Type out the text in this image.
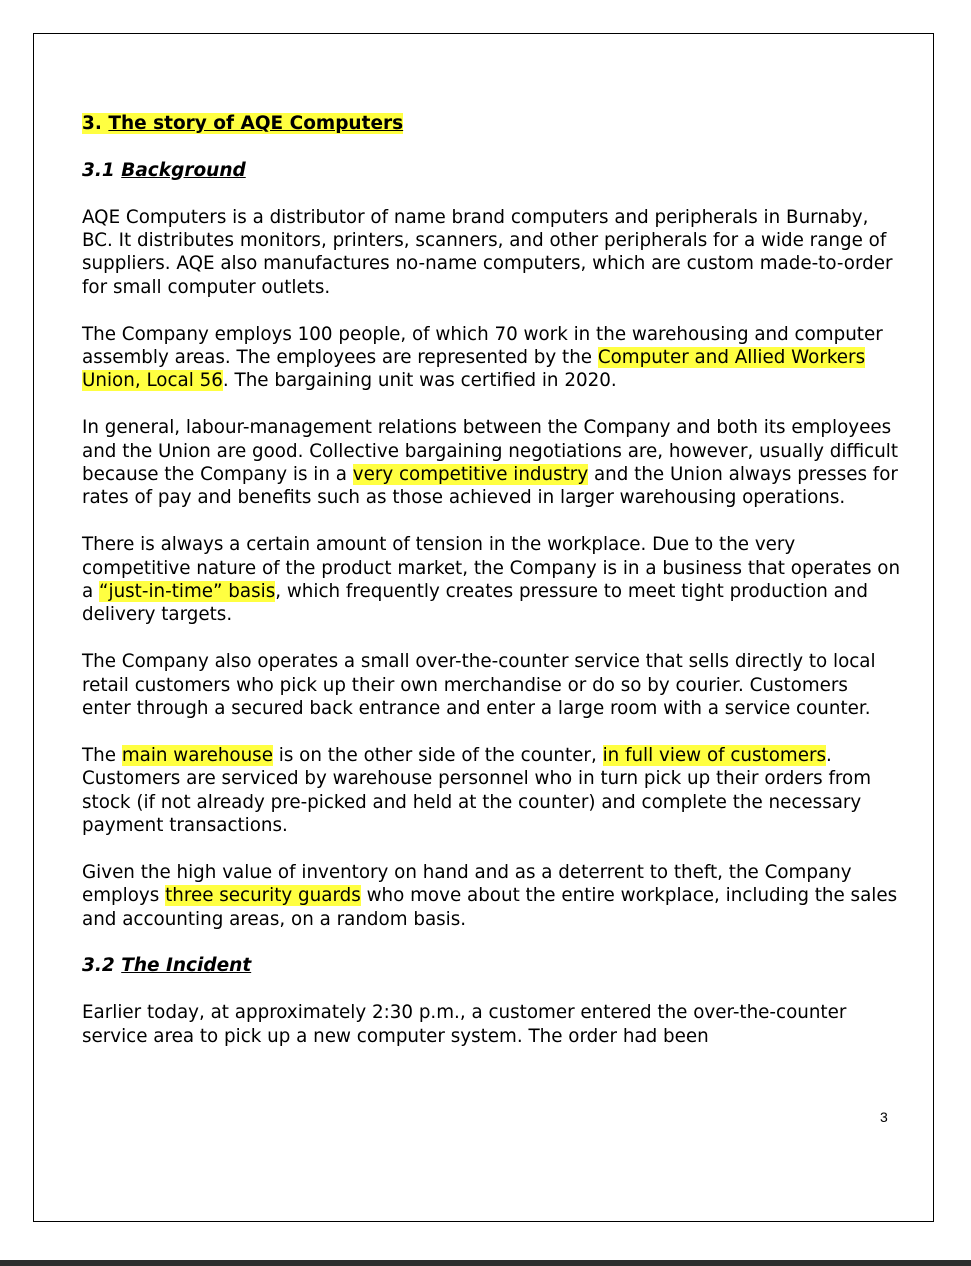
3. The story of AQE Computers
3.1 Background

AQE Computers is a distributor of name brand computers and peripherals in Burnaby, BC. It distributes monitors, printers, scanners, and other peripherals for a wide range of suppliers. AQE also manufactures no-name computers, which are custom made-to-order for small computer outlets.

The Company employs 100 people, of which 70 work in the warehousing and computer assembly areas. The employees are represented by the Computer and Allied Workers Union, Local 56. The bargaining unit was certified in 2020.

In general, labour-management relations between the Company and both its employees and the Union are good. Collective bargaining negotiations are, however, usually difficult because the Company is in a very competitive industry and the Union always presses for rates of pay and benefits such as those achieved in larger warehousing operations.

There is always a certain amount of tension in the workplace. Due to the very competitive nature of the product market, the Company is in a business that operates on a “just-in-time” basis, which frequently creates pressure to meet tight production and delivery targets.

The Company also operates a small over-the-counter service that sells directly to local retail customers who pick up their own merchandise or do so by courier. Customers enter through a secured back entrance and enter a large room with a service counter.

The main warehouse is on the other side of the counter, in full view of customers. Customers are serviced by warehouse personnel who in turn pick up their orders from stock (if not already pre-picked and held at the counter) and complete the necessary payment transactions.

Given the high value of inventory on hand and as a deterrent to theft, the Company employs three security guards who move about the entire workplace, including the sales and accounting areas, on a random basis.

3.2 The Incident

Earlier today, at approximately 2:30 p.m., a customer entered the over-the-counter service area to pick up a new computer system. The order had been

3
